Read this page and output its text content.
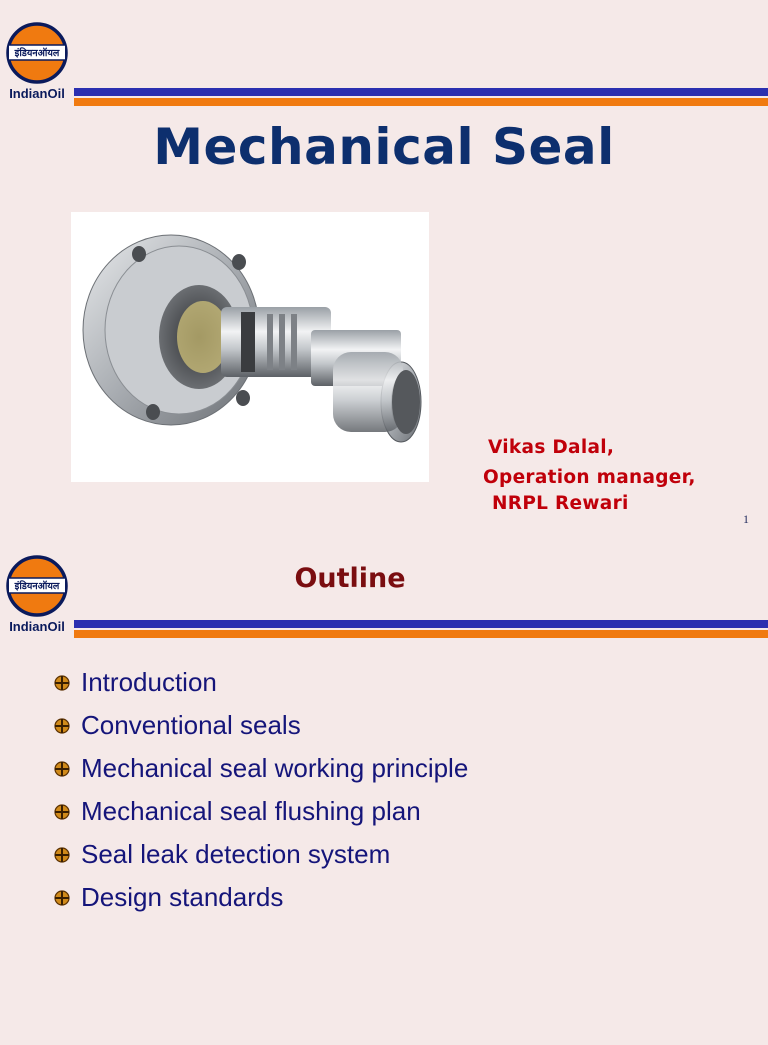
इंडियनऑयल
IndianOil
Mechanical Seal
Vikas Dalal,
Operation manager,
NRPL Rewari
1
इंडियनऑयल
IndianOil
Outline
Introduction
Conventional seals
Mechanical seal working principle
Mechanical seal flushing plan
Seal leak detection system
Design standards
